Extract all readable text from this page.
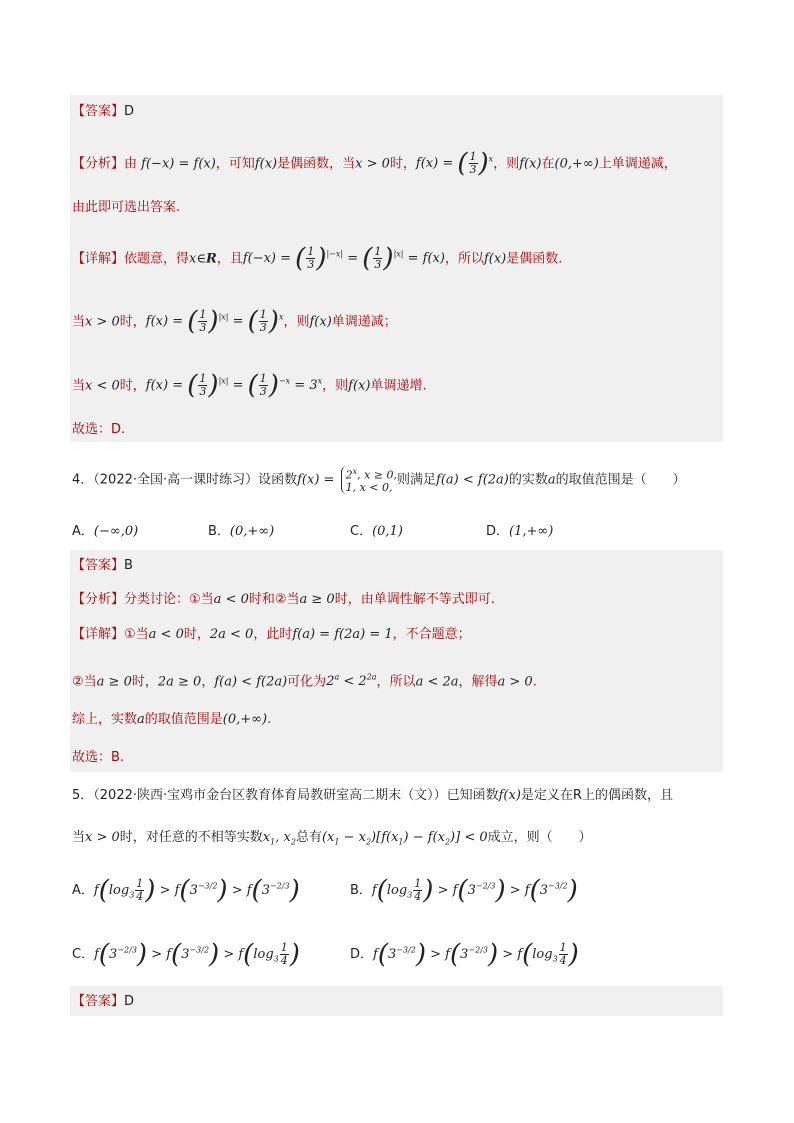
【答案】D
【分析】由 f(−x) = f(x)，可知f(x)是偶函数，当x > 0时，f(x) = ( $\frac{1}{3} )^x$，则f(x)在(0,+∞)上单调递减，
由此即可选出答案.
【详解】依题意，得x∈R，且f(−x) = ( $\frac{1}{3} )^{|-x|}$ = ( $\frac{1}{3} )^{|x|} = f(x)$，所以f(x)是偶函数.
当x > 0时，f(x) = ( $\frac{1}{3} )^{|x|}$ = ( $\frac{1}{3} )^x$，则f(x)单调递减；
当x < 0时，f(x) = ( $\frac{1}{3} )^{|x|}$ = ( $\frac{1}{3} )^{-x} = 3^x$，则f(x)单调递增.
故选：D.
4．（2022·全国·高一课时练习）设函数$f(x) = 2^x$, x ≥ 0,
1, x < 0, 则满足f(a) < f(2a)的实数a的取值范围是（　　）
A．(−∞,0)	B．(0,+∞)	C．(0,1)	D．(1,+∞)
【答案】B
【分析】分类讨论：①当a < 0时和②当a ≥ 0时，由单调性解不等式即可.
【详解】①当a < 0时，2a < 0，此时f(a) = f(2a) = 1，不合题意；
②当a ≥ 0时，2a ≥ 0，f(a) < f(2a)可化为$2^a < 2^{2a}$，所以a < 2a，解得a > 0.
综上，实数a的取值范围是(0,+∞).
故选：B.
5．（2022·陕西·宝鸡市金台区教育体育局教研室高二期末（文））已知函数f(x)是定义在R上的偶函数，且
当x > 0时，对任意的不相等实数$x_1$, $x_2$总有$(x_1 - x_2)[f(x_1) - f(x_2)] < 0$成立，则（　　）
A．$f(\log_3 \frac{1}{4}$ ) > $f(3^{-3/2}) > f(3^{-2/3})$	B．$f(\log_3 \frac{1}{4}$ ) > $f(3^{-2/3}) > f(3^{-3/2})$
C．$f(3^{-2/3}) > f(3^{-3/2}) > f(\log_3 \frac{1}{4}$ )	D．$f(3^{-3/2}) > f(3^{-2/3}) > f(\log_3 \frac{1}{4}$ )
【答案】D
